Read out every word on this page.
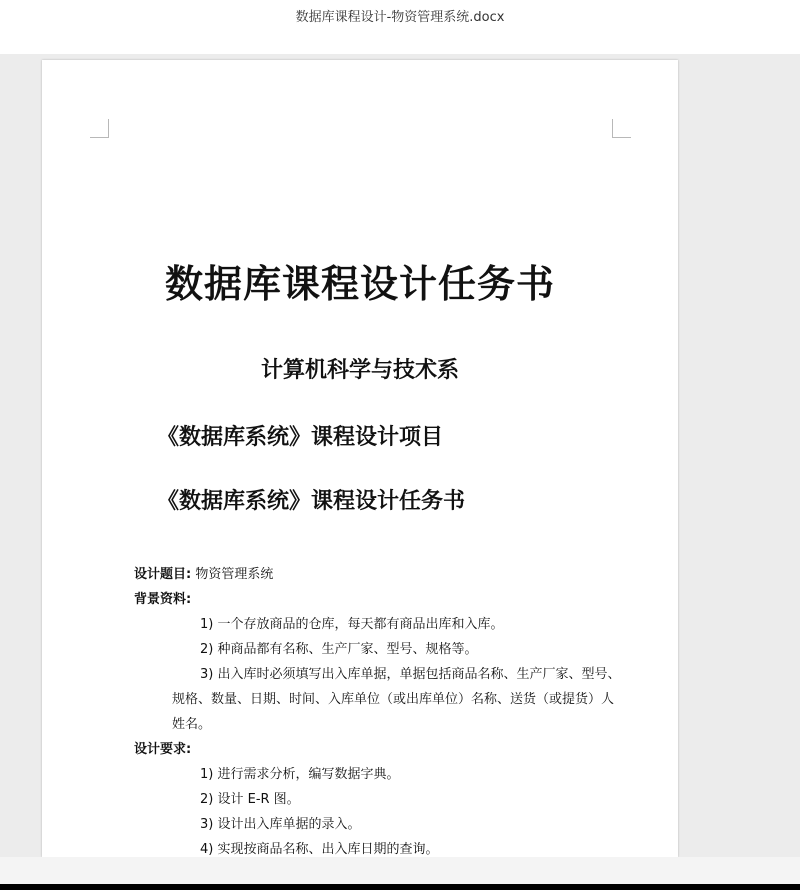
数据库课程设计-物资管理系统.docx
数据库课程设计任务书
计算机科学与技术系
《数据库系统》课程设计项目
《数据库系统》课程设计任务书
设计题目: 物资管理系统
背景资料:
1) 一个存放商品的仓库，每天都有商品出库和入库。
2) 种商品都有名称、生产厂家、型号、规格等。
3) 出入库时必须填写出入库单据，单据包括商品名称、生产厂家、型号、
规格、数量、日期、时间、入库单位（或出库单位）名称、送货（或提货）人
姓名。
设计要求:
1) 进行需求分析，编写数据字典。
2) 设计 E-R 图。
3) 设计出入库单据的录入。
4) 实现按商品名称、出入库日期的查询。
